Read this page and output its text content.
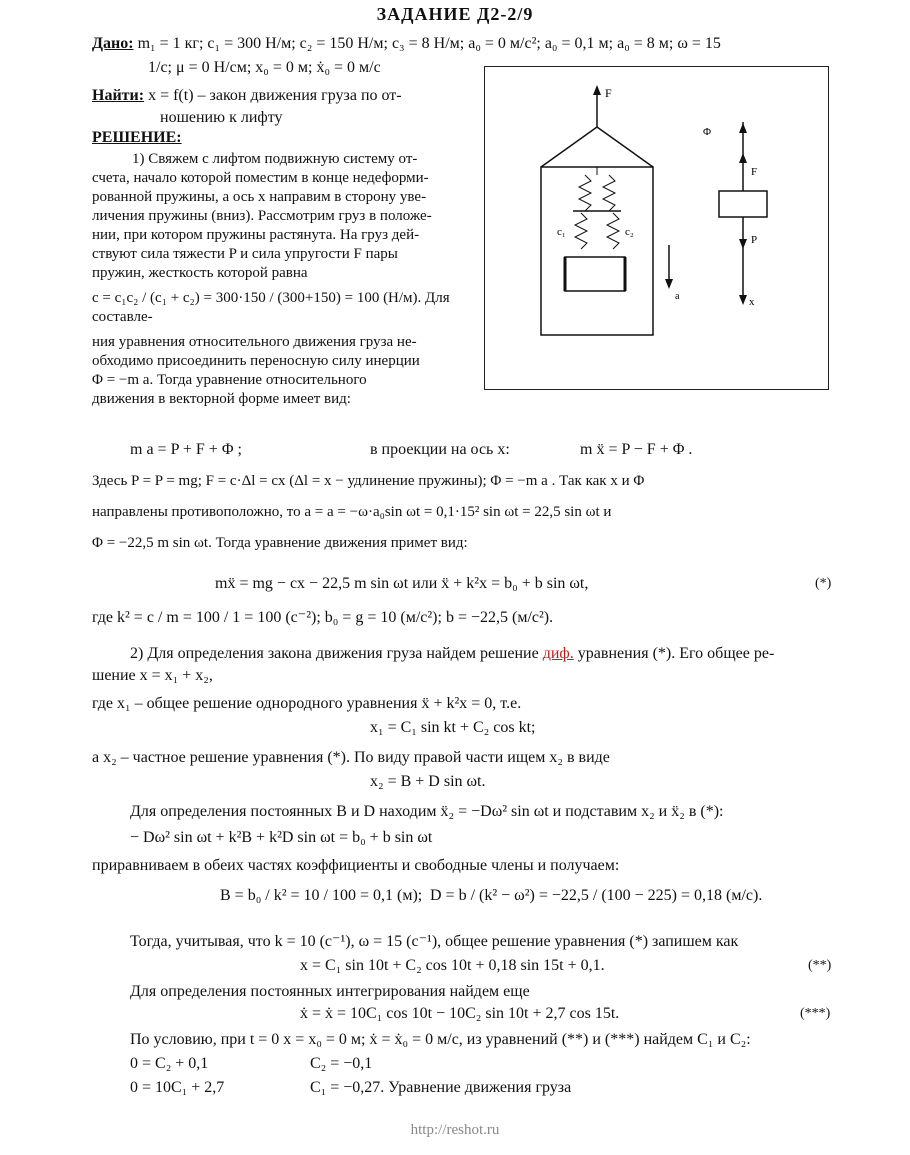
ЗАДАНИЕ Д2-2/9
Дано: m₁ = 1 кг; c₁ = 300 Н/м; c₂ = 150 Н/м; c₃ = 8 Н/м; a₀ = 0 м/с²; a₀ = 0,1 м; a₀ = 8 м; ω = 15
1/с; μ = 0 Н/см; x₀ = 0 м; ẋ₀ = 0 м/с
Найти: x = f(t) – закон движения груза по от-
ношению к лифту
РЕШЕНИЕ:
1) Свяжем с лифтом подвижную систему от-
счета, начало которой поместим в конце недеформи-
рованной пружины, а ось x направим в сторону уве-
личения пружины (вниз). Рассмотрим груз в положе-
нии, при котором пружины растянута. На груз дей-
ствуют сила тяжести P и сила упругости F пары
пружин, жесткость которой равна
c = c₁c₂ / (c₁ + c₂) = 300·150 / (300+150) = 100 (Н/м). Для составле-
ния уравнения относительного движения груза не-
обходимо присоединить переносную силу инерции
Φ = −m a. Тогда уравнение относительного
движения в векторной форме имеет вид:
F
c₁	c₂
a
Φ
F
P
x
m a = P + F + Φ ;	в проекции на ось x:	m ẍ = P − F + Φ .
Здесь P = P = mg; F = c·Δl = cx (Δl = x − удлинение пружины); Φ = −m a . Так как x и Φ
направлены противоположно, то a = a = −ω·a₀sin ωt = 0,1·15² sin ωt = 22,5 sin ωt и
Φ = −22,5 m sin ωt. Тогда уравнение движения примет вид:
mẍ = mg − cx − 22,5 m sin ωt или ẍ + k²x = b₀ + b sin ωt,	(*)
где k² = c / m = 100 / 1 = 100 (с⁻²); b₀ = g = 10 (м/с²); b = −22,5 (м/с²).
2) Для определения закона движения груза найдем решение диф. уравнения (*). Его общее ре-
шение x = x₁ + x₂,
где x₁ – общее решение однородного уравнения ẍ + k²x = 0, т.е.
x₁ = C₁ sin kt + C₂ cos kt;
а x₂ – частное решение уравнения (*). По виду правой части ищем x₂ в виде
x₂ = B + D sin ωt.
Для определения постоянных B и D находим ẍ₂ = −Dω² sin ωt и подставим x₂ и ẍ₂ в (*):
− Dω² sin ωt + k²B + k²D sin ωt = b₀ + b sin ωt
приравниваем в обеих частях коэффициенты и свободные члены и получаем:
B = b₀ / k² = 10 / 100 = 0,1 (м); D = b / (k² − ω²) = −22,5 / (100 − 225) = 0,18 (м/с).
Тогда, учитывая, что k = 10 (с⁻¹), ω = 15 (с⁻¹), общее решение уравнения (*) запишем как
x = C₁ sin 10t + C₂ cos 10t + 0,18 sin 15t + 0,1.	(**)
Для определения постоянных интегрирования найдем еще
ẋ = ẋ = 10C₁ cos 10t − 10C₂ sin 10t + 2,7 cos 15t.	(***)
По условию, при t = 0 x = x₀ = 0 м; ẋ = ẋ₀ = 0 м/с, из уравнений (**) и (***) найдем C₁ и C₂:
0 = C₂ + 0,1	C₂ = −0,1
0 = 10C₁ + 2,7	C₁ = −0,27. Уравнение движения груза
http://reshot.ru
